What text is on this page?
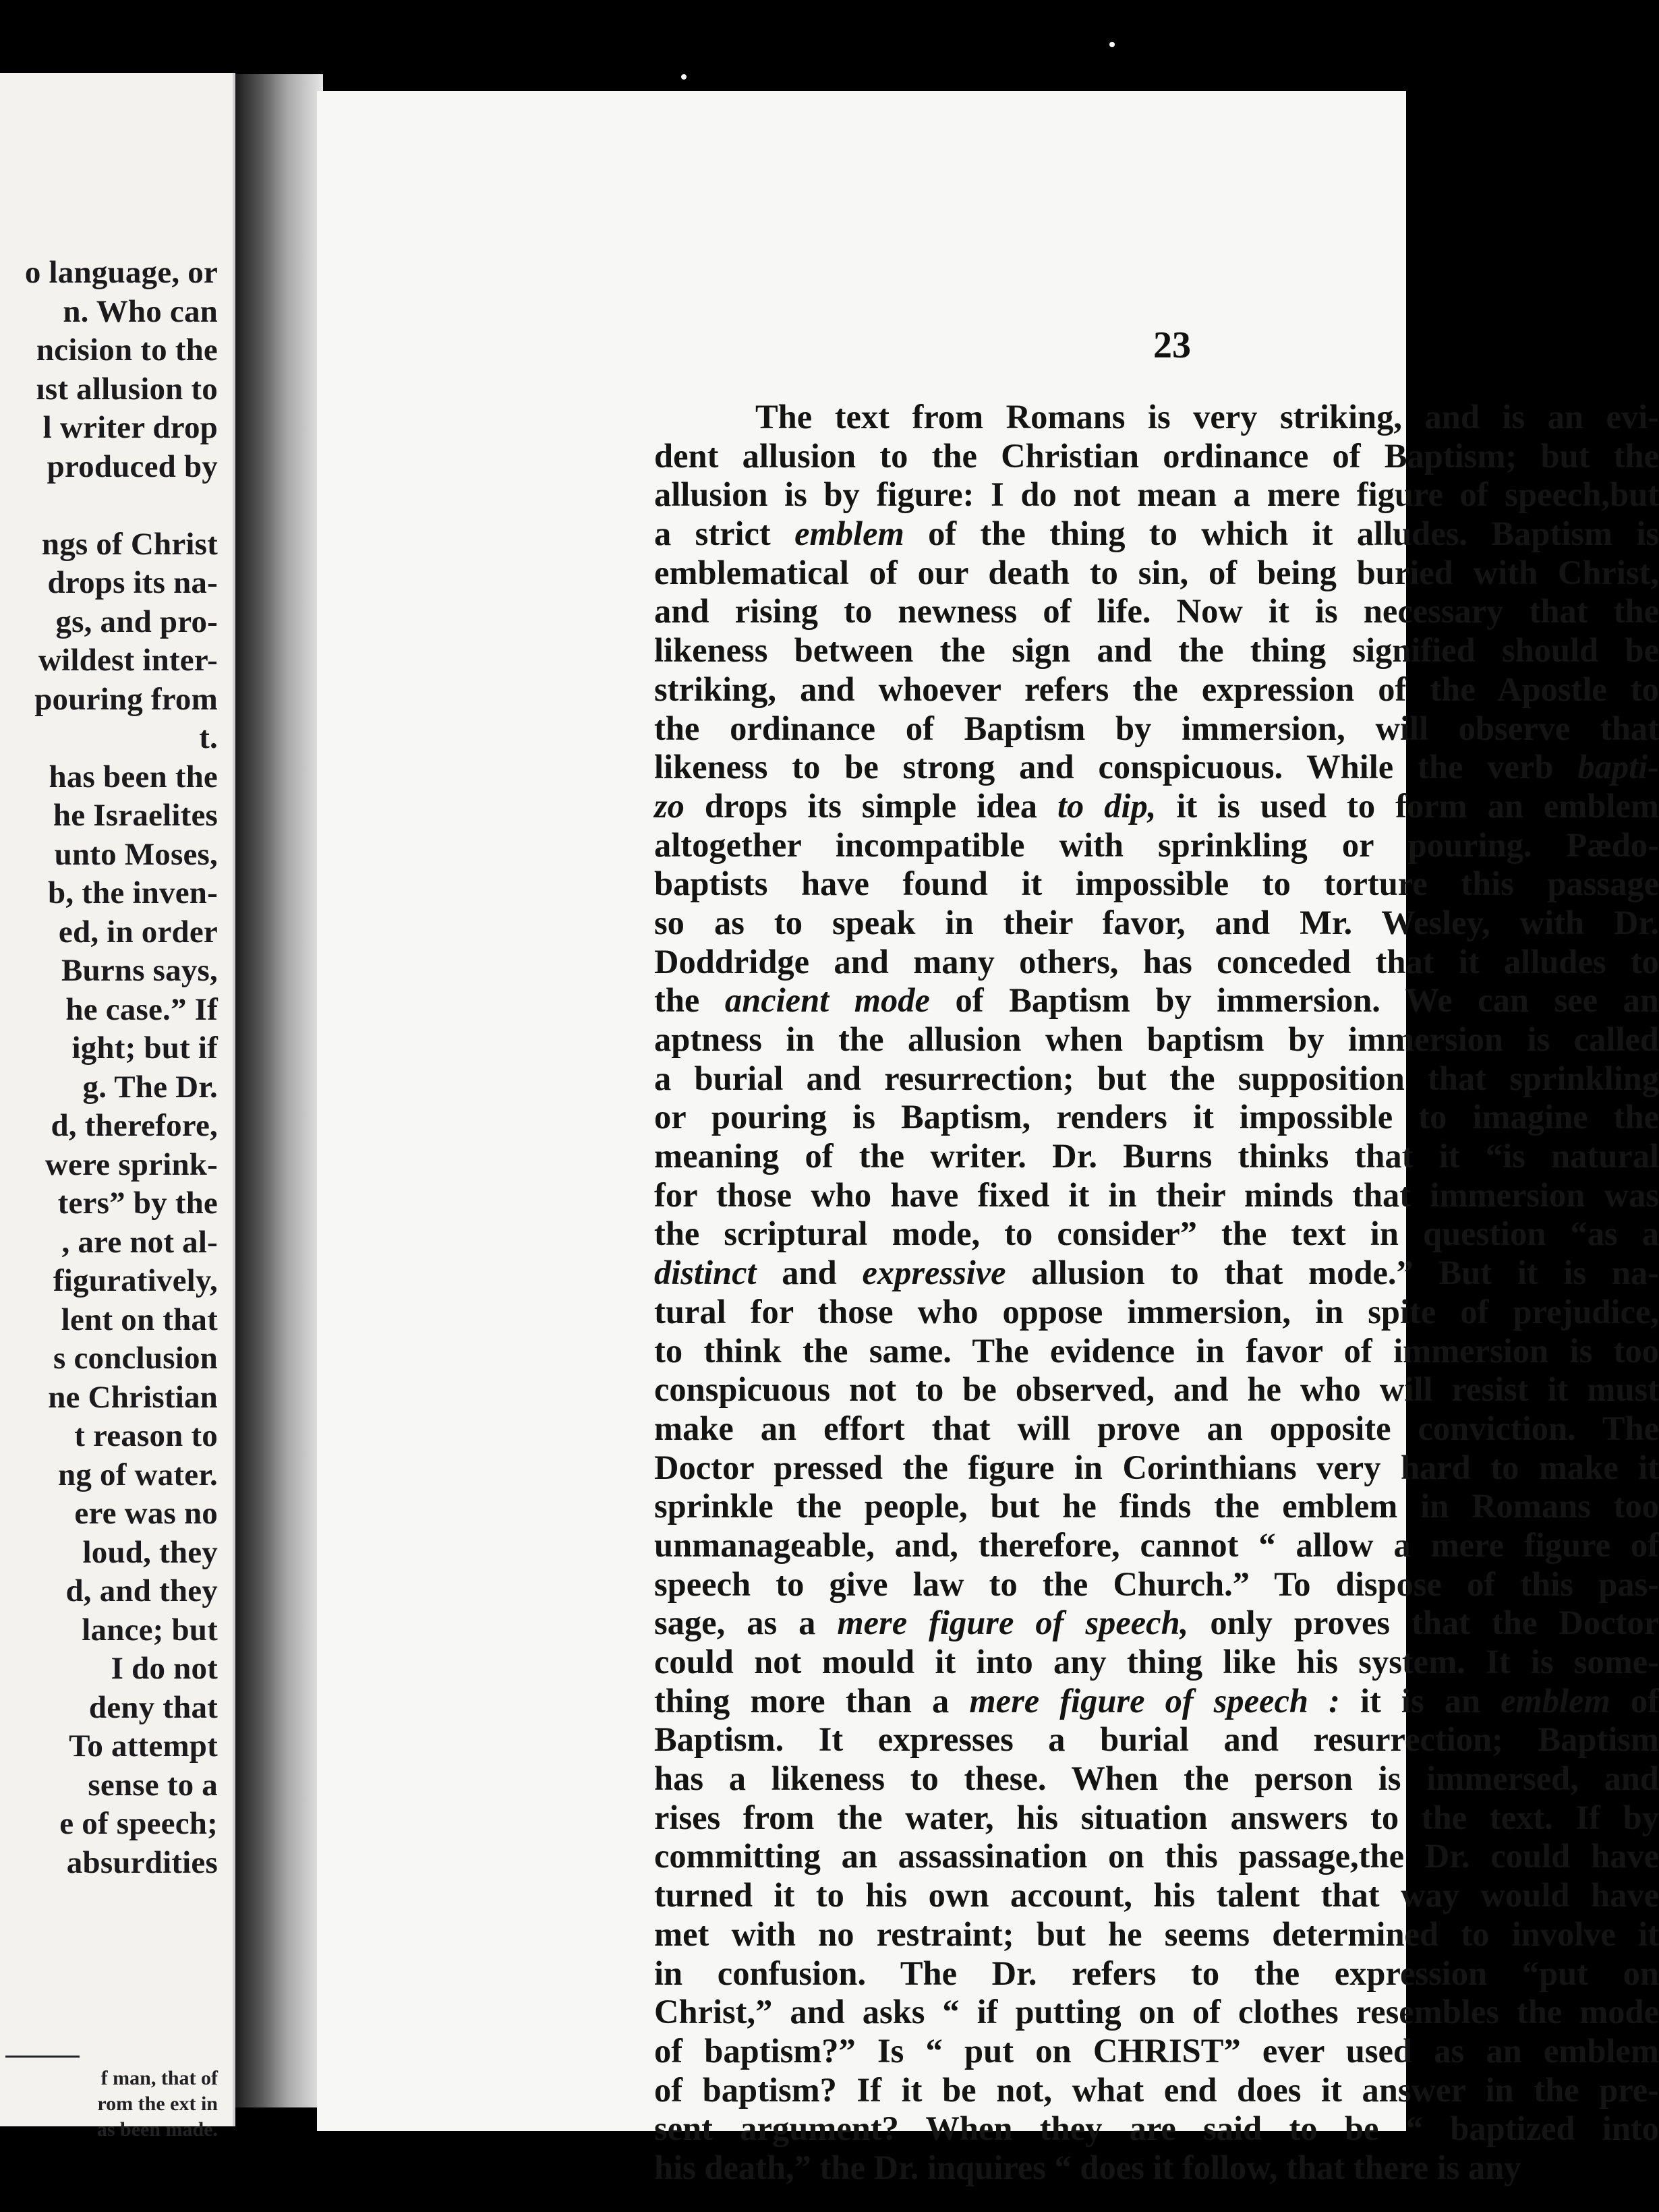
o language, or
n. Who can
ncision to the
ıst allusion to
l writer drop
produced by
ngs of Christ
drops its na-
gs, and pro-
wildest inter-
pouring from
t.
has been the
he Israelites
unto Moses,
b, the inven-
ed, in order
Burns says,
he case.” If
ight; but if
g. The Dr.
d, therefore,
were sprink-
ters” by the
, are not al-
figuratively,
lent on that
s conclusion
ne Christian
t reason to
ng of water.
ere was no
loud, they
d, and they
lance; but
I do not
deny that
To attempt
sense to a
e of speech;
absurdities
f man, that of
rom the ext in
as been made.
23
The text from Romans is very striking, and is an evi-
dent allusion to the Christian ordinance of Baptism; but the
allusion is by figure: I do not mean a mere figure of speech,but
a strict emblem of the thing to which it alludes. Baptism is
emblematical of our death to sin, of being buried with Christ,
and rising to newness of life. Now it is necessary that the
likeness between the sign and the thing signified should be
striking, and whoever refers the expression of the Apostle to
the ordinance of Baptism by immersion, will observe that
likeness to be strong and conspicuous. While the verb bapti-
zo drops its simple idea to dip, it is used to form an emblem
altogether incompatible with sprinkling or pouring. Pædo-
baptists have found it impossible to torture this passage
so as to speak in their favor, and Mr. Wesley, with Dr.
Doddridge and many others, has conceded that it alludes to
the ancient mode of Baptism by immersion. We can see an
aptness in the allusion when baptism by immersion is called
a burial and resurrection; but the supposition that sprinkling
or pouring is Baptism, renders it impossible to imagine the
meaning of the writer. Dr. Burns thinks that it “is natural
for those who have fixed it in their minds that immersion was
the scriptural mode, to consider” the text in question “as a
distinct and expressive allusion to that mode.” But it is na-
tural for those who oppose immersion, in spite of prejudice,
to think the same. The evidence in favor of immersion is too
conspicuous not to be observed, and he who will resist it must
make an effort that will prove an opposite conviction. The
Doctor pressed the figure in Corinthians very hard to make it
sprinkle the people, but he finds the emblem in Romans too
unmanageable, and, therefore, cannot “ allow a mere figure of
speech to give law to the Church.” To dispose of this pas-
sage, as a mere figure of speech, only proves that the Doctor
could not mould it into any thing like his system. It is some-
thing more than a mere figure of speech : it is an emblem of
Baptism. It expresses a burial and resurrection; Baptism
has a likeness to these. When the person is immersed, and
rises from the water, his situation answers to the text. If by
committing an assassination on this passage,the Dr. could have
turned it to his own account, his talent that way would have
met with no restraint; but he seems determined to involve it
in confusion. The Dr. refers to the expression “put on
Christ,” and asks “ if putting on of clothes resembles the mode
of baptism?” Is “ put on CHRIST” ever used as an emblem
of baptism? If it be not, what end does it answer in the pre-
sent argument? When they are said to be “ baptized into
his death,” the Dr. inquires “ does it follow, that there is any
